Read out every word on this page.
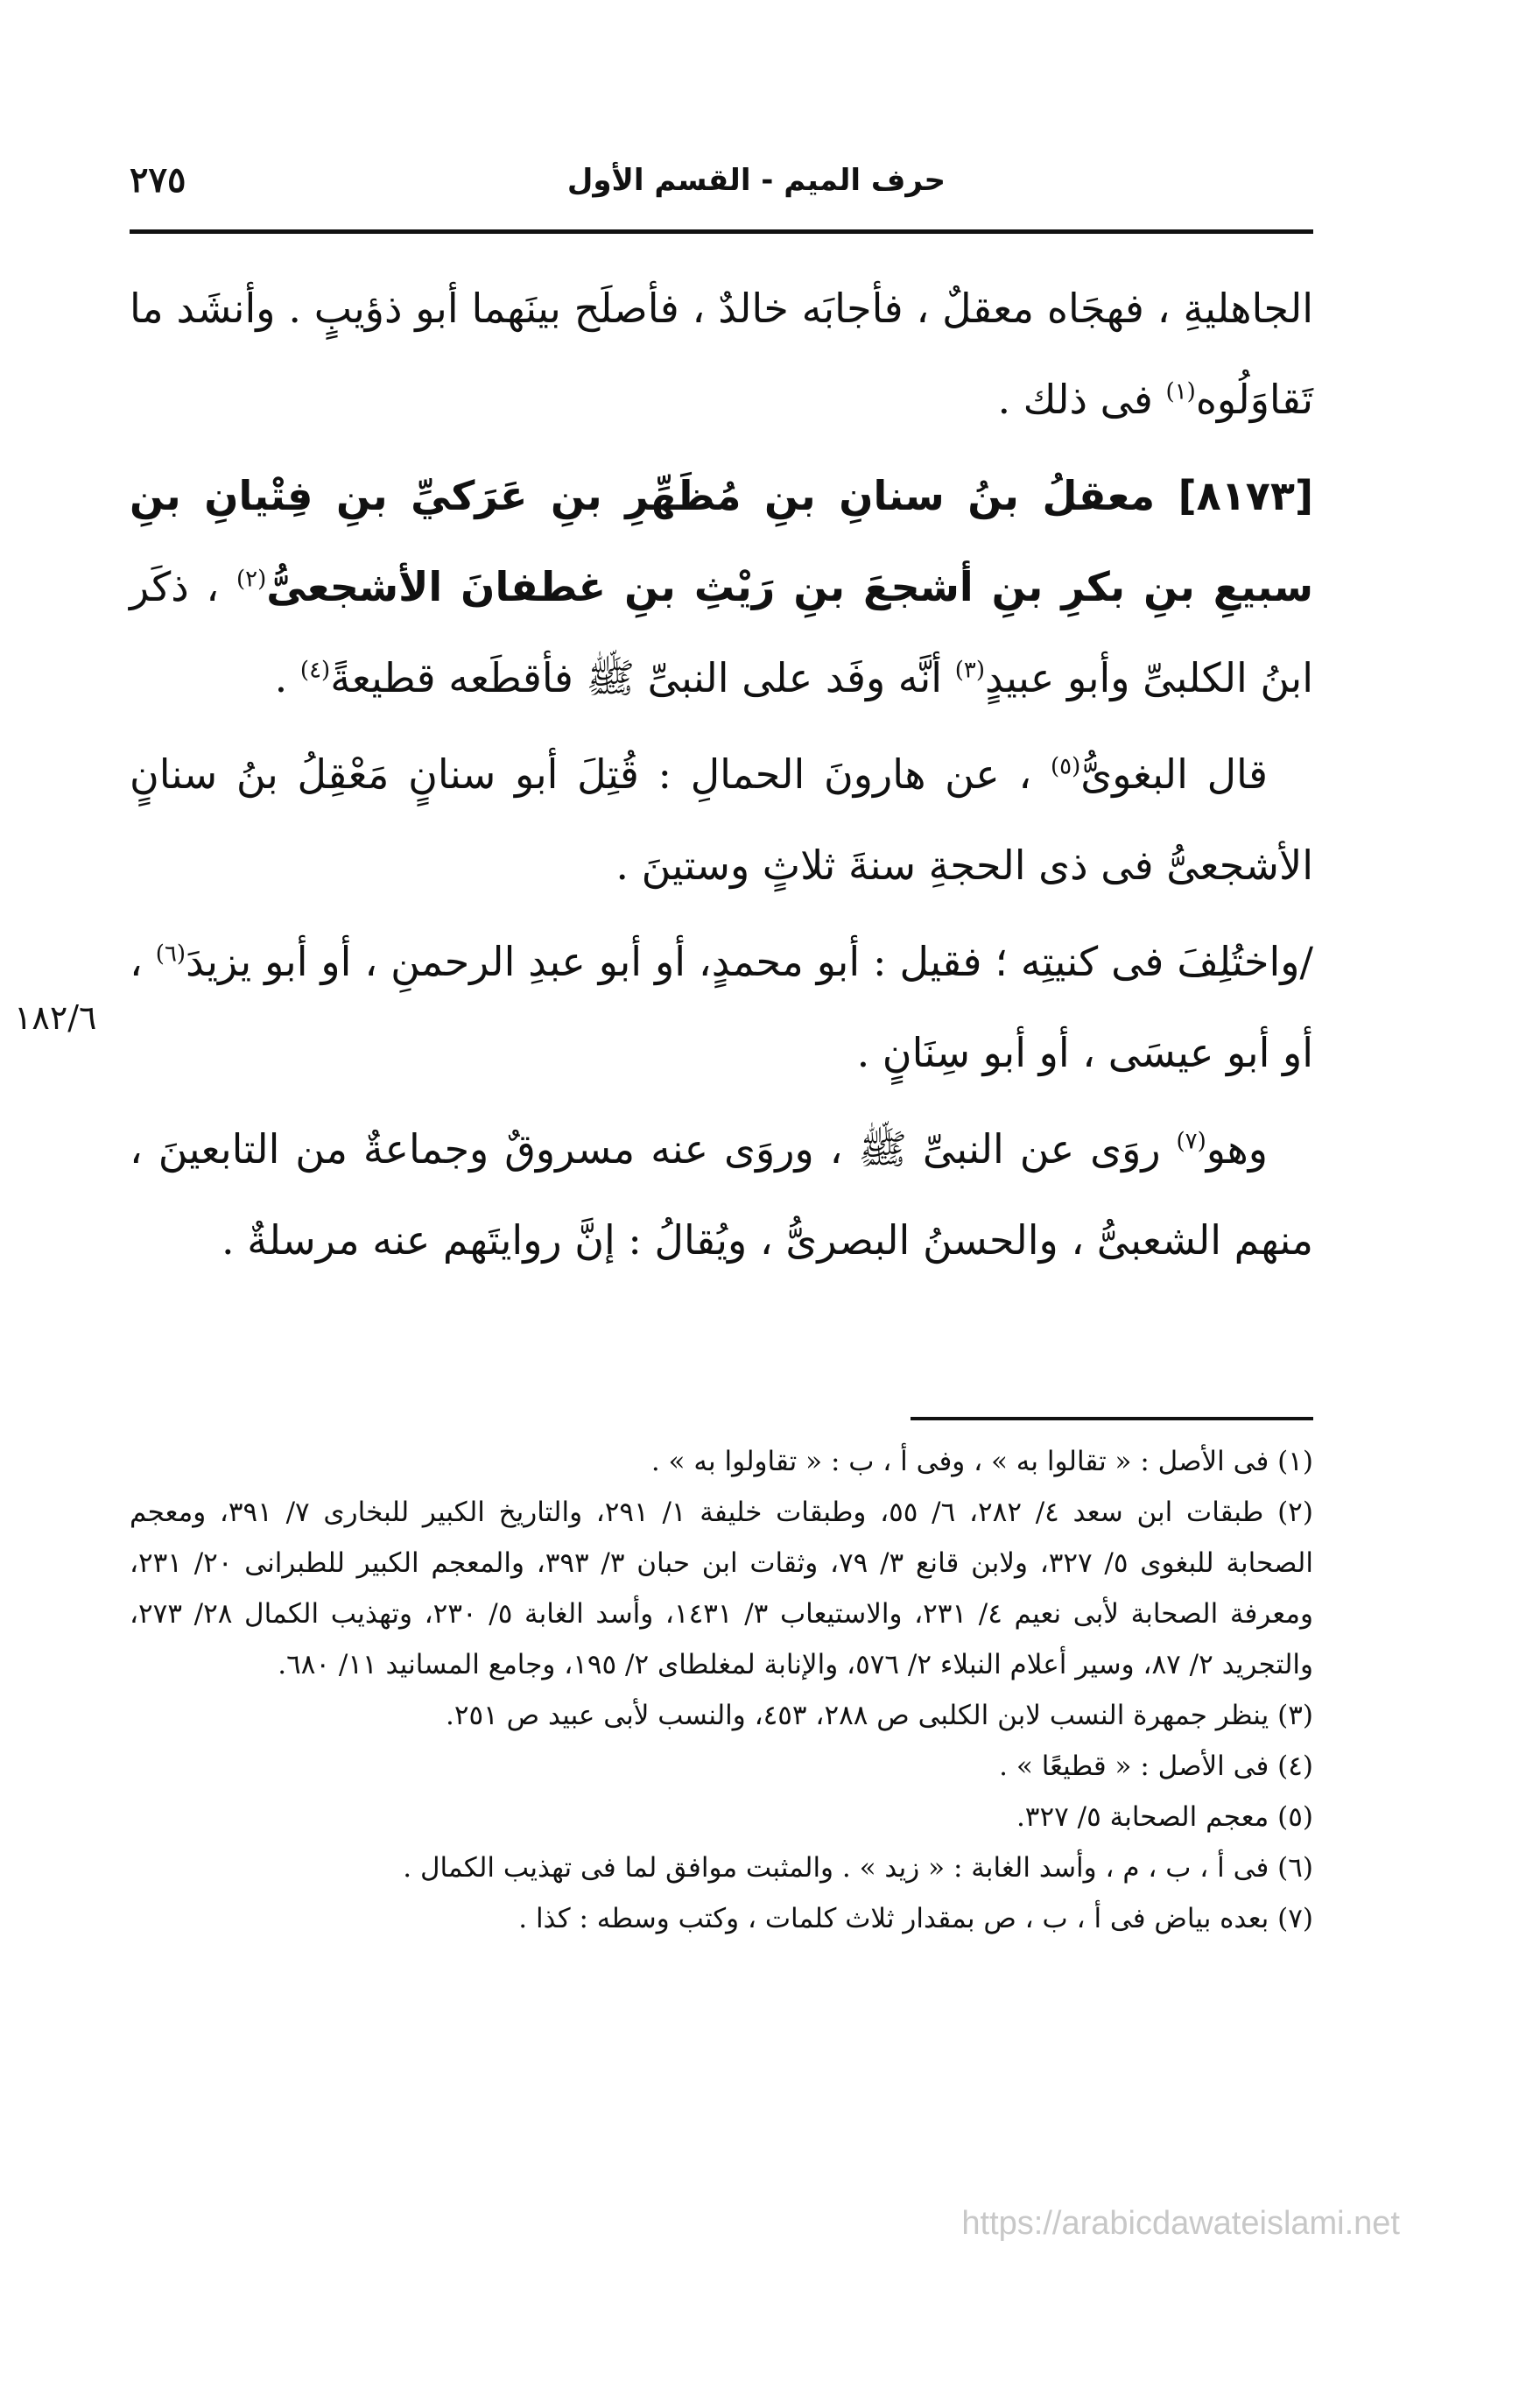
حرف الميم - القسم الأول
٢٧٥

الجاهليةِ ، فهجَاه معقلٌ ، فأجابَه خالدٌ ، فأصلَح بينَهما أبو ذؤيبٍ . وأنشَد ما تَقاوَلُوه$^{(١)}$ فى ذلك .

[٨١٧٣] معقلُ بنُ سنانِ بنِ مُظَهِّرِ بنِ عَرَكيِّ بنِ فِتْيانِ بنِ سبيعِ بنِ بكرِ بنِ أشجعَ بنِ رَيْثِ بنِ غطفانَ الأشجعىُّ$^{(٢)}$ ، ذكَر ابنُ الكلبىِّ وأبو عبيدٍ$^{(٣)}$ أنَّه وفَد على النبىِّ ﷺ فأقطَعه قطيعةً$^{(٤)}$ .

قال البغوىُّ$^{(٥)}$ ، عن هارونَ الحمالِ : قُتِلَ أبو سنانٍ مَعْقِلُ بنُ سنانٍ الأشجعىُّ فى ذى الحجةِ سنةَ ثلاثٍ وستينَ .

/واختُلِفَ فى كنيتِه ؛ فقيل : أبو محمدٍ، أو أبو عبدِ الرحمنِ ، أو أبو يزيدَ$^{(٦)}$ ، أو أبو عيسَى ، أو أبو سِنَانٍ .

وهو$^{(٧)}$ روَى عن النبىِّ ﷺ ، وروَى عنه مسروقٌ وجماعةٌ من التابعينَ ، منهم الشعبىُّ ، والحسنُ البصرىُّ ، ويُقالُ : إنَّ روايتَهم عنه مرسلةٌ .

١٨٢/٦

(١) فى الأصل : « تقالوا به » ، وفى أ ، ب : « تقاولوا به » .

(٢) طبقات ابن سعد ٤/ ٢٨٢، ٦/ ٥٥، وطبقات خليفة ١/ ٢٩١، والتاريخ الكبير للبخارى ٧/ ٣٩١، ومعجم الصحابة للبغوى ٥/ ٣٢٧، ولابن قانع ٣/ ٧٩، وثقات ابن حبان ٣/ ٣٩٣، والمعجم الكبير للطبرانى ٢٠/ ٢٣١، ومعرفة الصحابة لأبى نعيم ٤/ ٢٣١، والاستيعاب ٣/ ١٤٣١، وأسد الغابة ٥/ ٢٣٠، وتهذيب الكمال ٢٨/ ٢٧٣، والتجريد ٢/ ٨٧، وسير أعلام النبلاء ٢/ ٥٧٦، والإنابة لمغلطاى ٢/ ١٩٥، وجامع المسانيد ١١/ ٦٨٠.

(٣) ينظر جمهرة النسب لابن الكلبى ص ٢٨٨، ٤٥٣، والنسب لأبى عبيد ص ٢٥١.

(٤) فى الأصل : « قطيعًا » .

(٥) معجم الصحابة ٥/ ٣٢٧.

(٦) فى أ ، ب ، م ، وأسد الغابة : « زيد » . والمثبت موافق لما فى تهذيب الكمال .

(٧) بعده بياض فى أ ، ب ، ص بمقدار ثلاث كلمات ، وكتب وسطه : كذا .

https://arabicdawateislami.net
